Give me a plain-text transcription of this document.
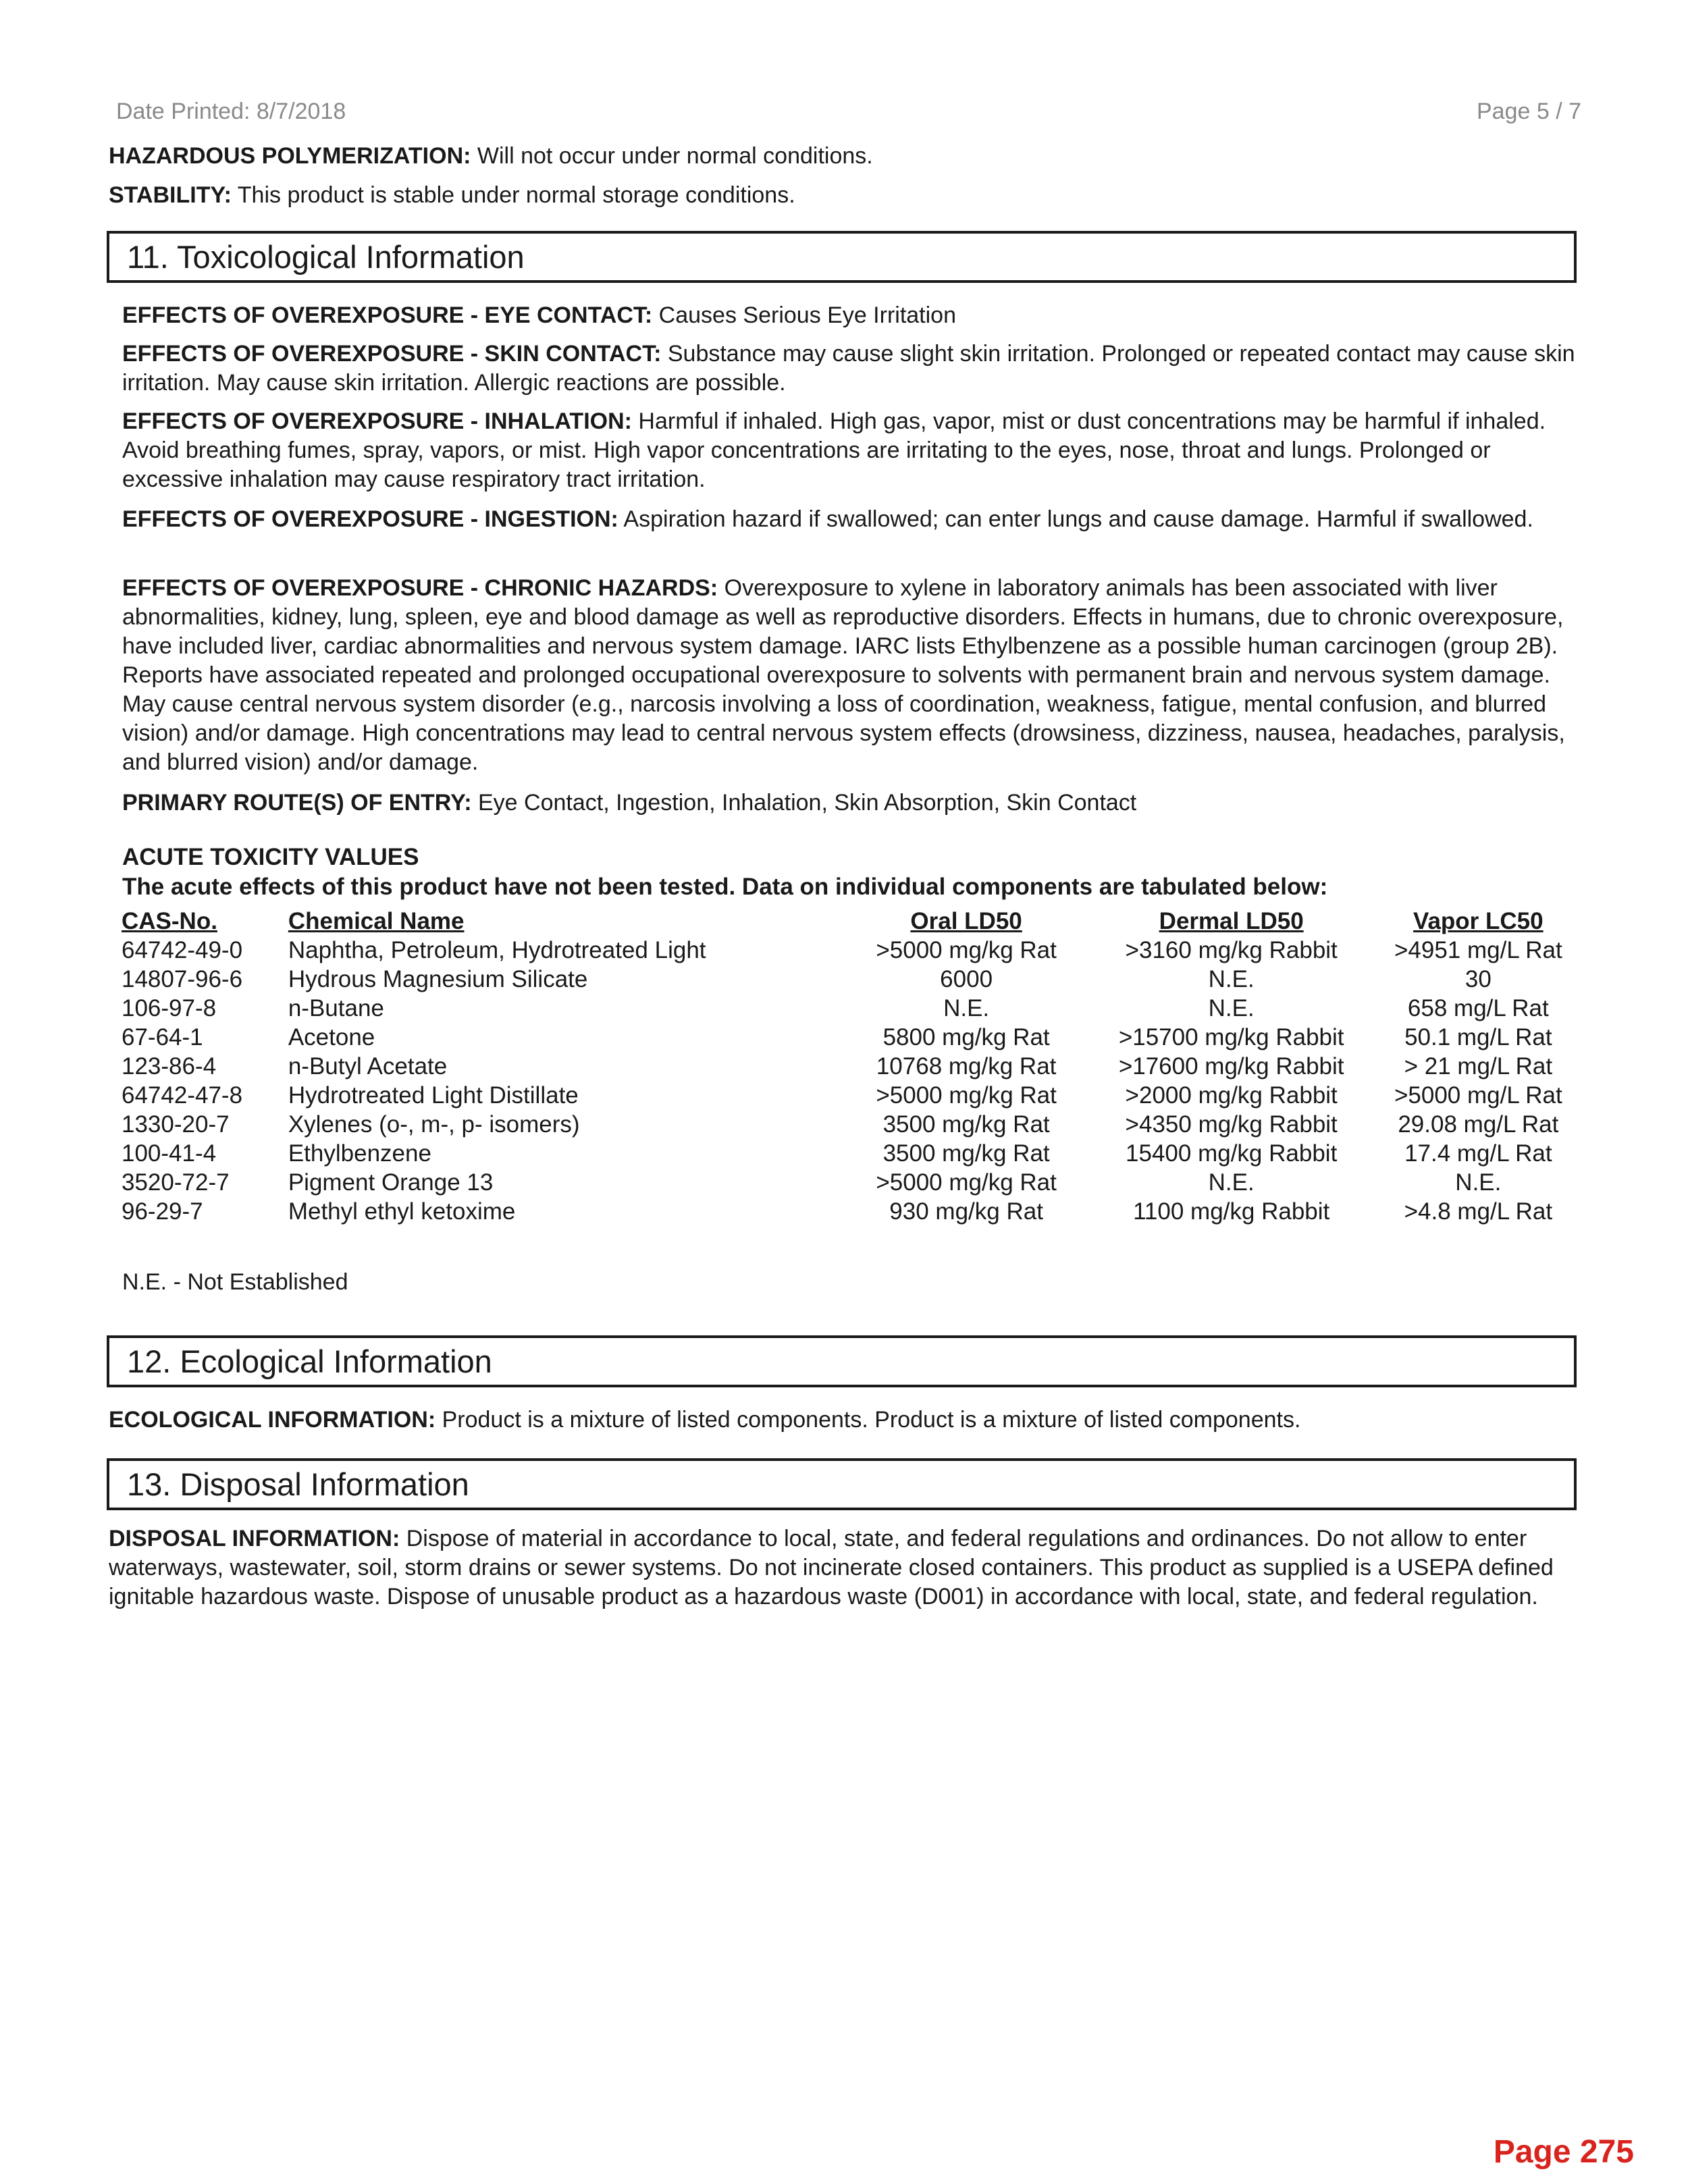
Date Printed: 8/7/2018	Page 5 / 7

HAZARDOUS POLYMERIZATION: Will not occur under normal conditions.

STABILITY: This product is stable under normal storage conditions.

11. Toxicological Information

EFFECTS OF OVEREXPOSURE - EYE CONTACT: Causes Serious Eye Irritation

EFFECTS OF OVEREXPOSURE - SKIN CONTACT: Substance may cause slight skin irritation. Prolonged or repeated contact may cause skin irritation. May cause skin irritation. Allergic reactions are possible.

EFFECTS OF OVEREXPOSURE - INHALATION: Harmful if inhaled. High gas, vapor, mist or dust concentrations may be harmful if inhaled. Avoid breathing fumes, spray, vapors, or mist. High vapor concentrations are irritating to the eyes, nose, throat and lungs. Prolonged or excessive inhalation may cause respiratory tract irritation.

EFFECTS OF OVEREXPOSURE - INGESTION: Aspiration hazard if swallowed; can enter lungs and cause damage. Harmful if swallowed.

EFFECTS OF OVEREXPOSURE - CHRONIC HAZARDS: Overexposure to xylene in laboratory animals has been associated with liver abnormalities, kidney, lung, spleen, eye and blood damage as well as reproductive disorders. Effects in humans, due to chronic overexposure, have included liver, cardiac abnormalities and nervous system damage. IARC lists Ethylbenzene as a possible human carcinogen (group 2B). Reports have associated repeated and prolonged occupational overexposure to solvents with permanent brain and nervous system damage. May cause central nervous system disorder (e.g., narcosis involving a loss of coordination, weakness, fatigue, mental confusion, and blurred vision) and/or damage. High concentrations may lead to central nervous system effects (drowsiness, dizziness, nausea, headaches, paralysis, and blurred vision) and/or damage.

PRIMARY ROUTE(S) OF ENTRY: Eye Contact, Ingestion, Inhalation, Skin Absorption, Skin Contact

ACUTE TOXICITY VALUES
The acute effects of this product have not been tested. Data on individual components are tabulated below:
CAS-No.	Chemical Name	Oral LD50	Dermal LD50	Vapor LC50
64742-49-0	Naphtha, Petroleum, Hydrotreated Light	>5000 mg/kg Rat	>3160 mg/kg Rabbit	>4951 mg/L Rat
14807-96-6	Hydrous Magnesium Silicate	6000	N.E.	30
106-97-8	n-Butane	N.E.	N.E.	658 mg/L Rat
67-64-1	Acetone	5800 mg/kg Rat	>15700 mg/kg Rabbit	50.1 mg/L Rat
123-86-4	n-Butyl Acetate	10768 mg/kg Rat	>17600 mg/kg Rabbit	> 21 mg/L Rat
64742-47-8	Hydrotreated Light Distillate	>5000 mg/kg Rat	>2000 mg/kg Rabbit	>5000 mg/L Rat
1330-20-7	Xylenes (o-, m-, p- isomers)	3500 mg/kg Rat	>4350 mg/kg Rabbit	29.08 mg/L Rat
100-41-4	Ethylbenzene	3500 mg/kg Rat	15400 mg/kg Rabbit	17.4 mg/L Rat
3520-72-7	Pigment Orange 13	>5000 mg/kg Rat	N.E.	N.E.
96-29-7	Methyl ethyl ketoxime	930 mg/kg Rat	1100 mg/kg Rabbit	>4.8 mg/L Rat

N.E. - Not Established

12. Ecological Information

ECOLOGICAL INFORMATION: Product is a mixture of listed components. Product is a mixture of listed components.

13. Disposal Information

DISPOSAL INFORMATION: Dispose of material in accordance to local, state, and federal regulations and ordinances. Do not allow to enter waterways, wastewater, soil, storm drains or sewer systems. Do not incinerate closed containers. This product as supplied is a USEPA defined ignitable hazardous waste. Dispose of unusable product as a hazardous waste (D001) in accordance with local, state, and federal regulation.

Page 275
